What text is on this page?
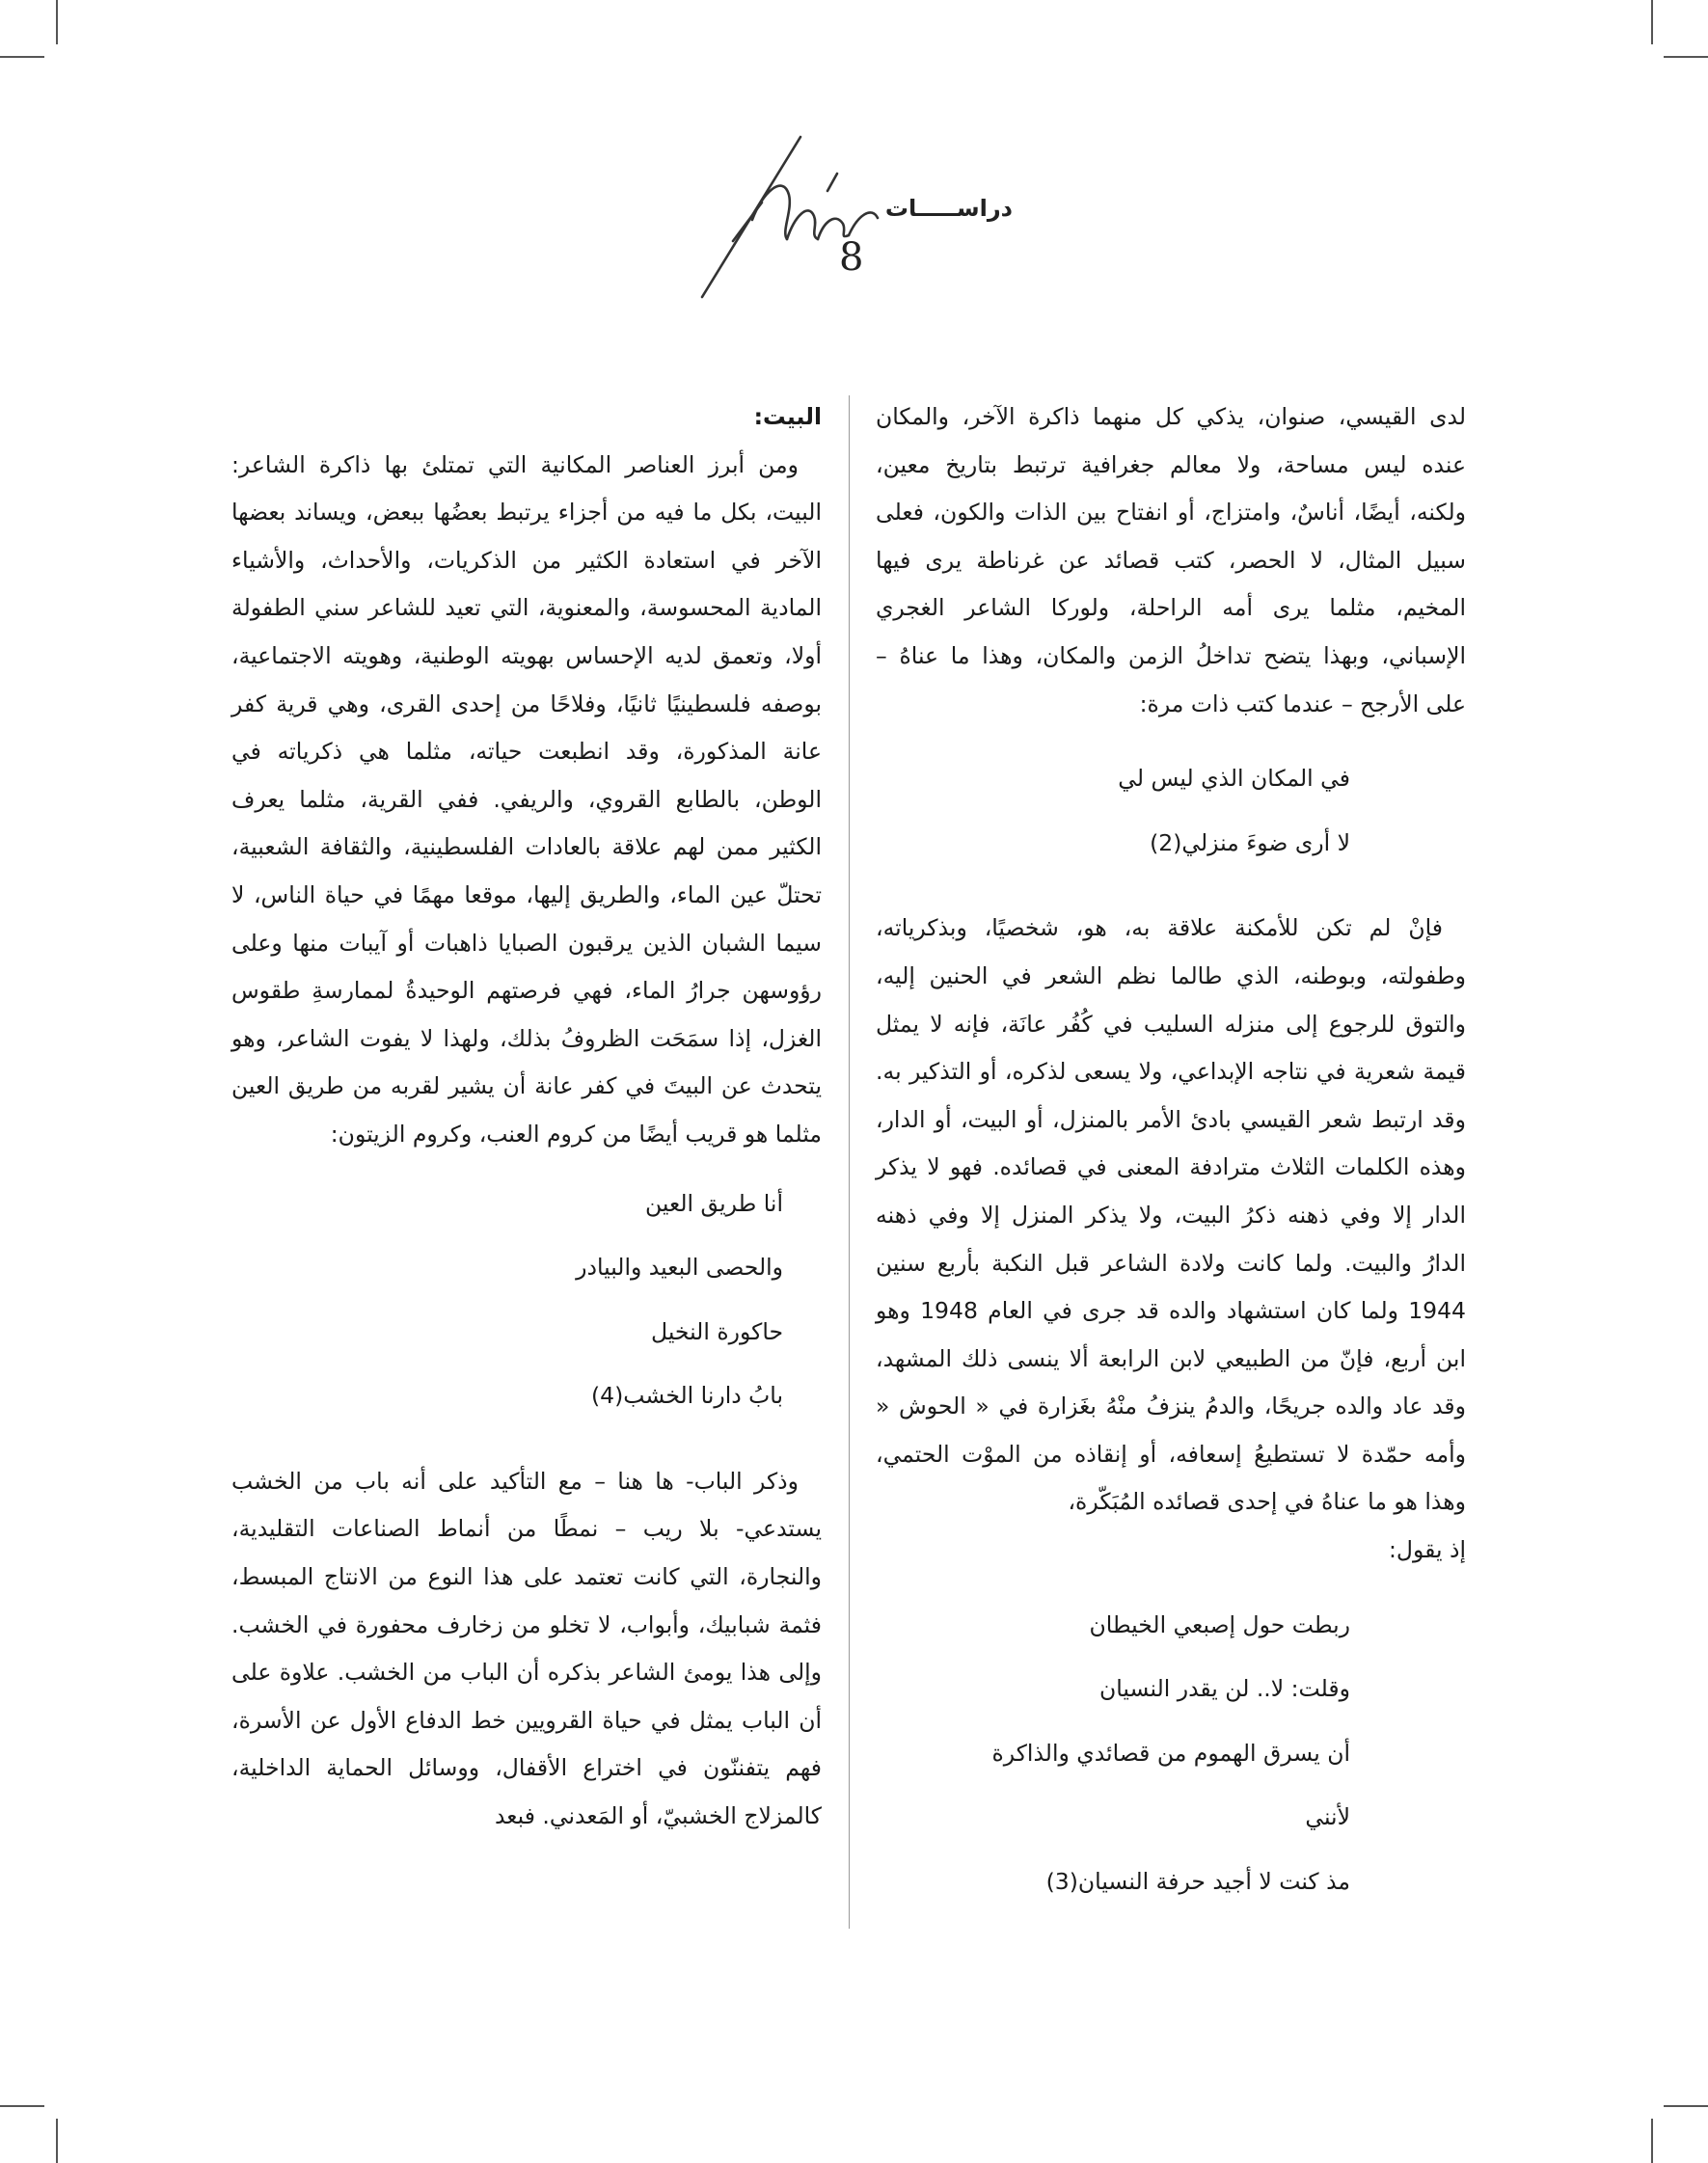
دراســـــات
8

لدى القيسي، صنوان، يذكي كل منهما ذاكرة الآخر، والمكان عنده ليس مساحة، ولا معالم جغرافية ترتبط بتاريخ معين، ولكنه، أيضًا، أناسٌ، وامتزاج، أو انفتاح بين الذات والكون، فعلى سبيل المثال، لا الحصر، كتب قصائد عن غرناطة يرى فيها المخيم، مثلما يرى أمه الراحلة، ولوركا الشاعر الغجري الإسباني، وبهذا يتضح تداخلُ الزمن والمكان، وهذا ما عناهُ – على الأرجح – عندما كتب ذات مرة:

في المكان الذي ليس لي
لا أرى ضوءَ منزلي(2)

فإنْ لم تكن للأمكنة علاقة به، هو، شخصيًا، وبذكرياته، وطفولته، وبوطنه، الذي طالما نظم الشعر في الحنين إليه، والتوق للرجوع إلى منزله السليب في كُفُر عانَة، فإنه لا يمثل قيمة شعرية في نتاجه الإبداعي، ولا يسعى لذكره، أو التذكير به. وقد ارتبط شعر القيسي بادئ الأمر بالمنزل، أو البيت، أو الدار، وهذه الكلمات الثلاث مترادفة المعنى في قصائده. فهو لا يذكر الدار إلا وفي ذهنه ذكرُ البيت، ولا يذكر المنزل إلا وفي ذهنه الدارُ والبيت. ولما كانت ولادة الشاعر قبل النكبة بأربع سنين 1944 ولما كان استشهاد والده قد جرى في العام 1948 وهو ابن أربع، فإنّ من الطبيعي لابن الرابعة ألا ينسى ذلك المشهد، وقد عاد والده جريحًا، والدمُ ينزفُ منْهُ بغَزارة في « الحوش « وأمه حمّدة لا تستطيعُ إسعافه، أو إنقاذه من الموْت الحتمي، وهذا هو ما عناهُ في إحدى قصائده المُبَكّرة،

إذ يقول:

ربطت حول إصبعي الخيطان
وقلت: لا.. لن يقدر النسيان
أن يسرق الهموم من قصائدي والذاكرة
لأنني
مذ كنت لا أجيد حرفة النسيان(3)

البيت:

ومن أبرز العناصر المكانية التي تمتلئ بها ذاكرة الشاعر: البيت، بكل ما فيه من أجزاء يرتبط بعضُها ببعض، ويساند بعضها الآخر في استعادة الكثير من الذكريات، والأحداث، والأشياء المادية المحسوسة، والمعنوية، التي تعيد للشاعر سني الطفولة أولا، وتعمق لديه الإحساس بهويته الوطنية، وهويته الاجتماعية، بوصفه فلسطينيًا ثانيًا، وفلاحًا من إحدى القرى، وهي قرية كفر عانة المذكورة، وقد انطبعت حياته، مثلما هي ذكرياته في الوطن، بالطابع القروي، والريفي. ففي القرية، مثلما يعرف الكثير ممن لهم علاقة بالعادات الفلسطينية، والثقافة الشعبية، تحتلّ عين الماء، والطريق إليها، موقعا مهمًا في حياة الناس، لا سيما الشبان الذين يرقبون الصبايا ذاهبات أو آيبات منها وعلى رؤوسهن جرارُ الماء، فهي فرصتهم الوحيدةُ لممارسةِ طقوس الغزل، إذا سمَحَت الظروفُ بذلك، ولهذا لا يفوت الشاعر، وهو يتحدث عن البيتَ في كفر عانة أن يشير لقربه من طريق العين مثلما هو قريب أيضًا من كروم العنب، وكروم الزيتون:

أنا طريق العين
والحصى البعيد والبيادر
حاكورة النخيل
بابُ دارنا الخشب(4)

وذكر الباب- ها هنا – مع التأكيد على أنه باب من الخشب يستدعي- بلا ريب – نمطًا من أنماط الصناعات التقليدية، والنجارة، التي كانت تعتمد على هذا النوع من الانتاج المبسط، فثمة شبابيك، وأبواب، لا تخلو من زخارف محفورة في الخشب. وإلى هذا يومئ الشاعر بذكره أن الباب من الخشب. علاوة على أن الباب يمثل في حياة القرويين خط الدفاع الأول عن الأسرة، فهم يتفننّون في اختراع الأقفال، ووسائل الحماية الداخلية، كالمزلاج الخشبيّ، أو المَعدني. فبعد
